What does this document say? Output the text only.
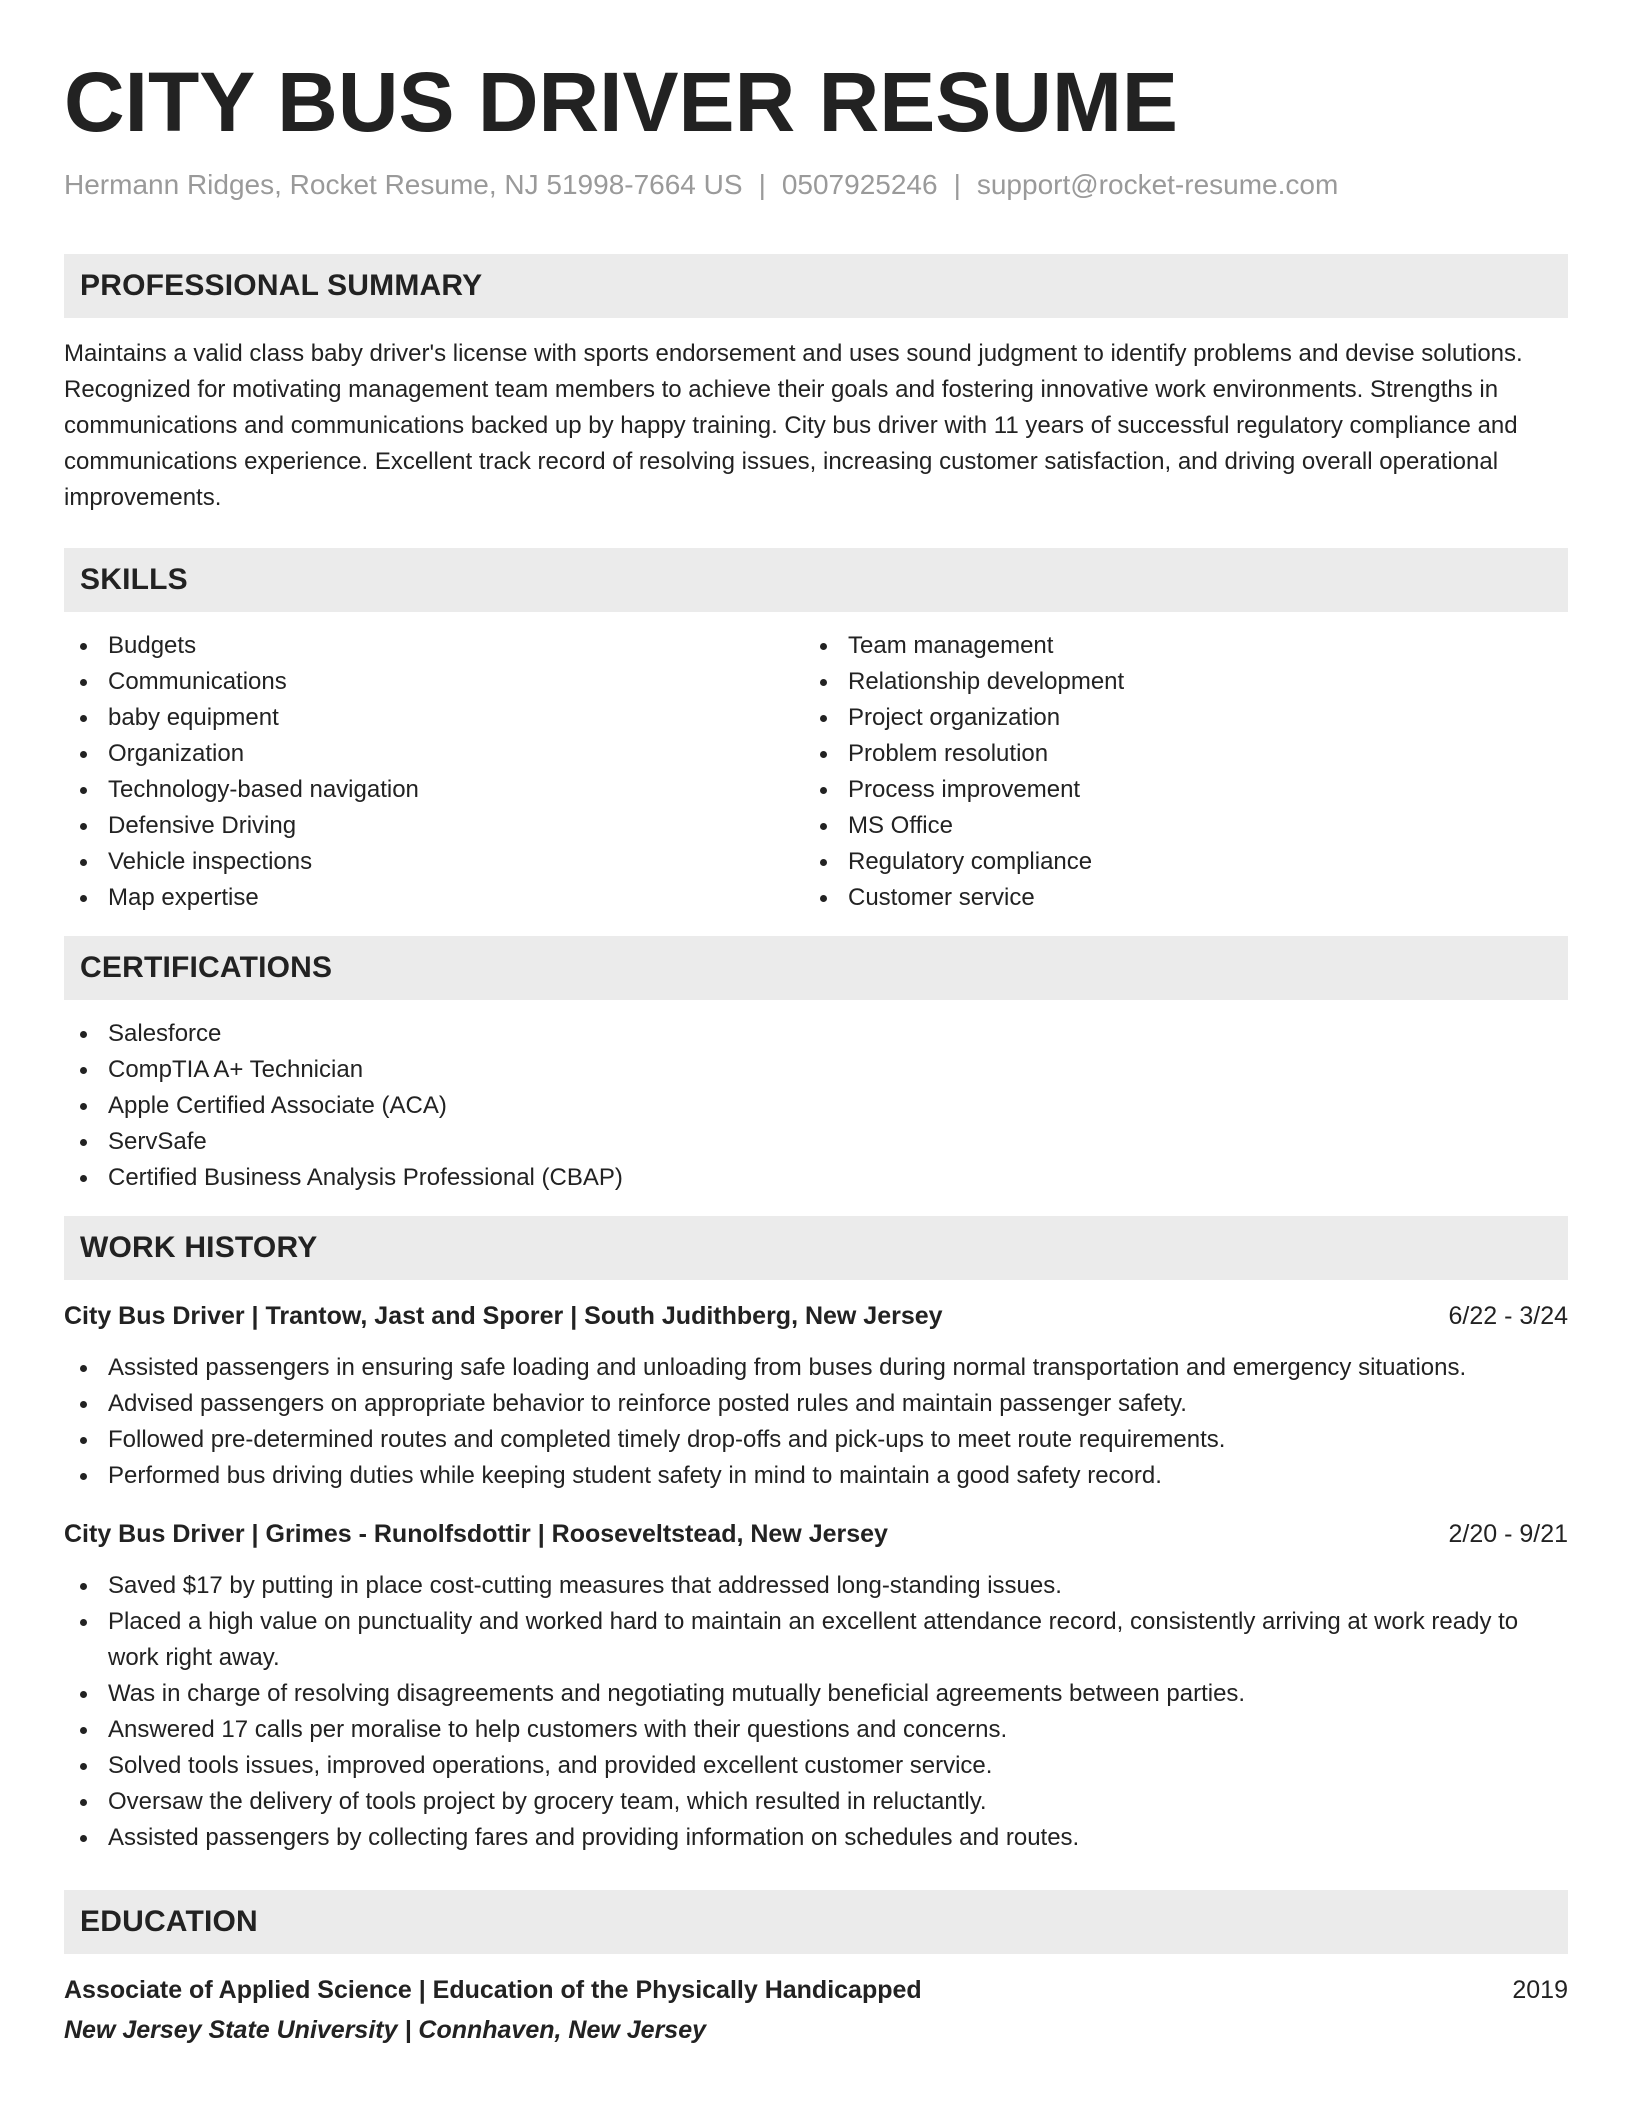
CITY BUS DRIVER RESUME
Hermann Ridges, Rocket Resume, NJ 51998-7664 US | 0507925246 | support@rocket-resume.com
PROFESSIONAL SUMMARY

Maintains a valid class baby driver's license with sports endorsement and uses sound judgment to identify problems and devise solutions. Recognized for motivating management team members to achieve their goals and fostering innovative work environments. Strengths in communications and communications backed up by happy training. City bus driver with 11 years of successful regulatory compliance and communications experience. Excellent track record of resolving issues, increasing customer satisfaction, and driving overall operational improvements.

SKILLS
Budgets
Communications
baby equipment
Organization
Technology-based navigation
Defensive Driving
Vehicle inspections
Map expertise
Team management
Relationship development
Project organization
Problem resolution
Process improvement
MS Office
Regulatory compliance
Customer service
CERTIFICATIONS
Salesforce
CompTIA A+ Technician
Apple Certified Associate (ACA)
ServSafe
Certified Business Analysis Professional (CBAP)
WORK HISTORY
City Bus Driver | Trantow, Jast and Sporer | South Judithberg, New Jersey	6/22 - 3/24
Assisted passengers in ensuring safe loading and unloading from buses during normal transportation and emergency situations.
Advised passengers on appropriate behavior to reinforce posted rules and maintain passenger safety.
Followed pre-determined routes and completed timely drop-offs and pick-ups to meet route requirements.
Performed bus driving duties while keeping student safety in mind to maintain a good safety record.
City Bus Driver | Grimes - Runolfsdottir | Rooseveltstead, New Jersey	2/20 - 9/21
Saved $17 by putting in place cost-cutting measures that addressed long-standing issues.
Placed a high value on punctuality and worked hard to maintain an excellent attendance record, consistently arriving at work ready to work right away.
Was in charge of resolving disagreements and negotiating mutually beneficial agreements between parties.
Answered 17 calls per moralise to help customers with their questions and concerns.
Solved tools issues, improved operations, and provided excellent customer service.
Oversaw the delivery of tools project by grocery team, which resulted in reluctantly.
Assisted passengers by collecting fares and providing information on schedules and routes.
EDUCATION
Associate of Applied Science | Education of the Physically Handicapped	2019
New Jersey State University | Connhaven, New Jersey
